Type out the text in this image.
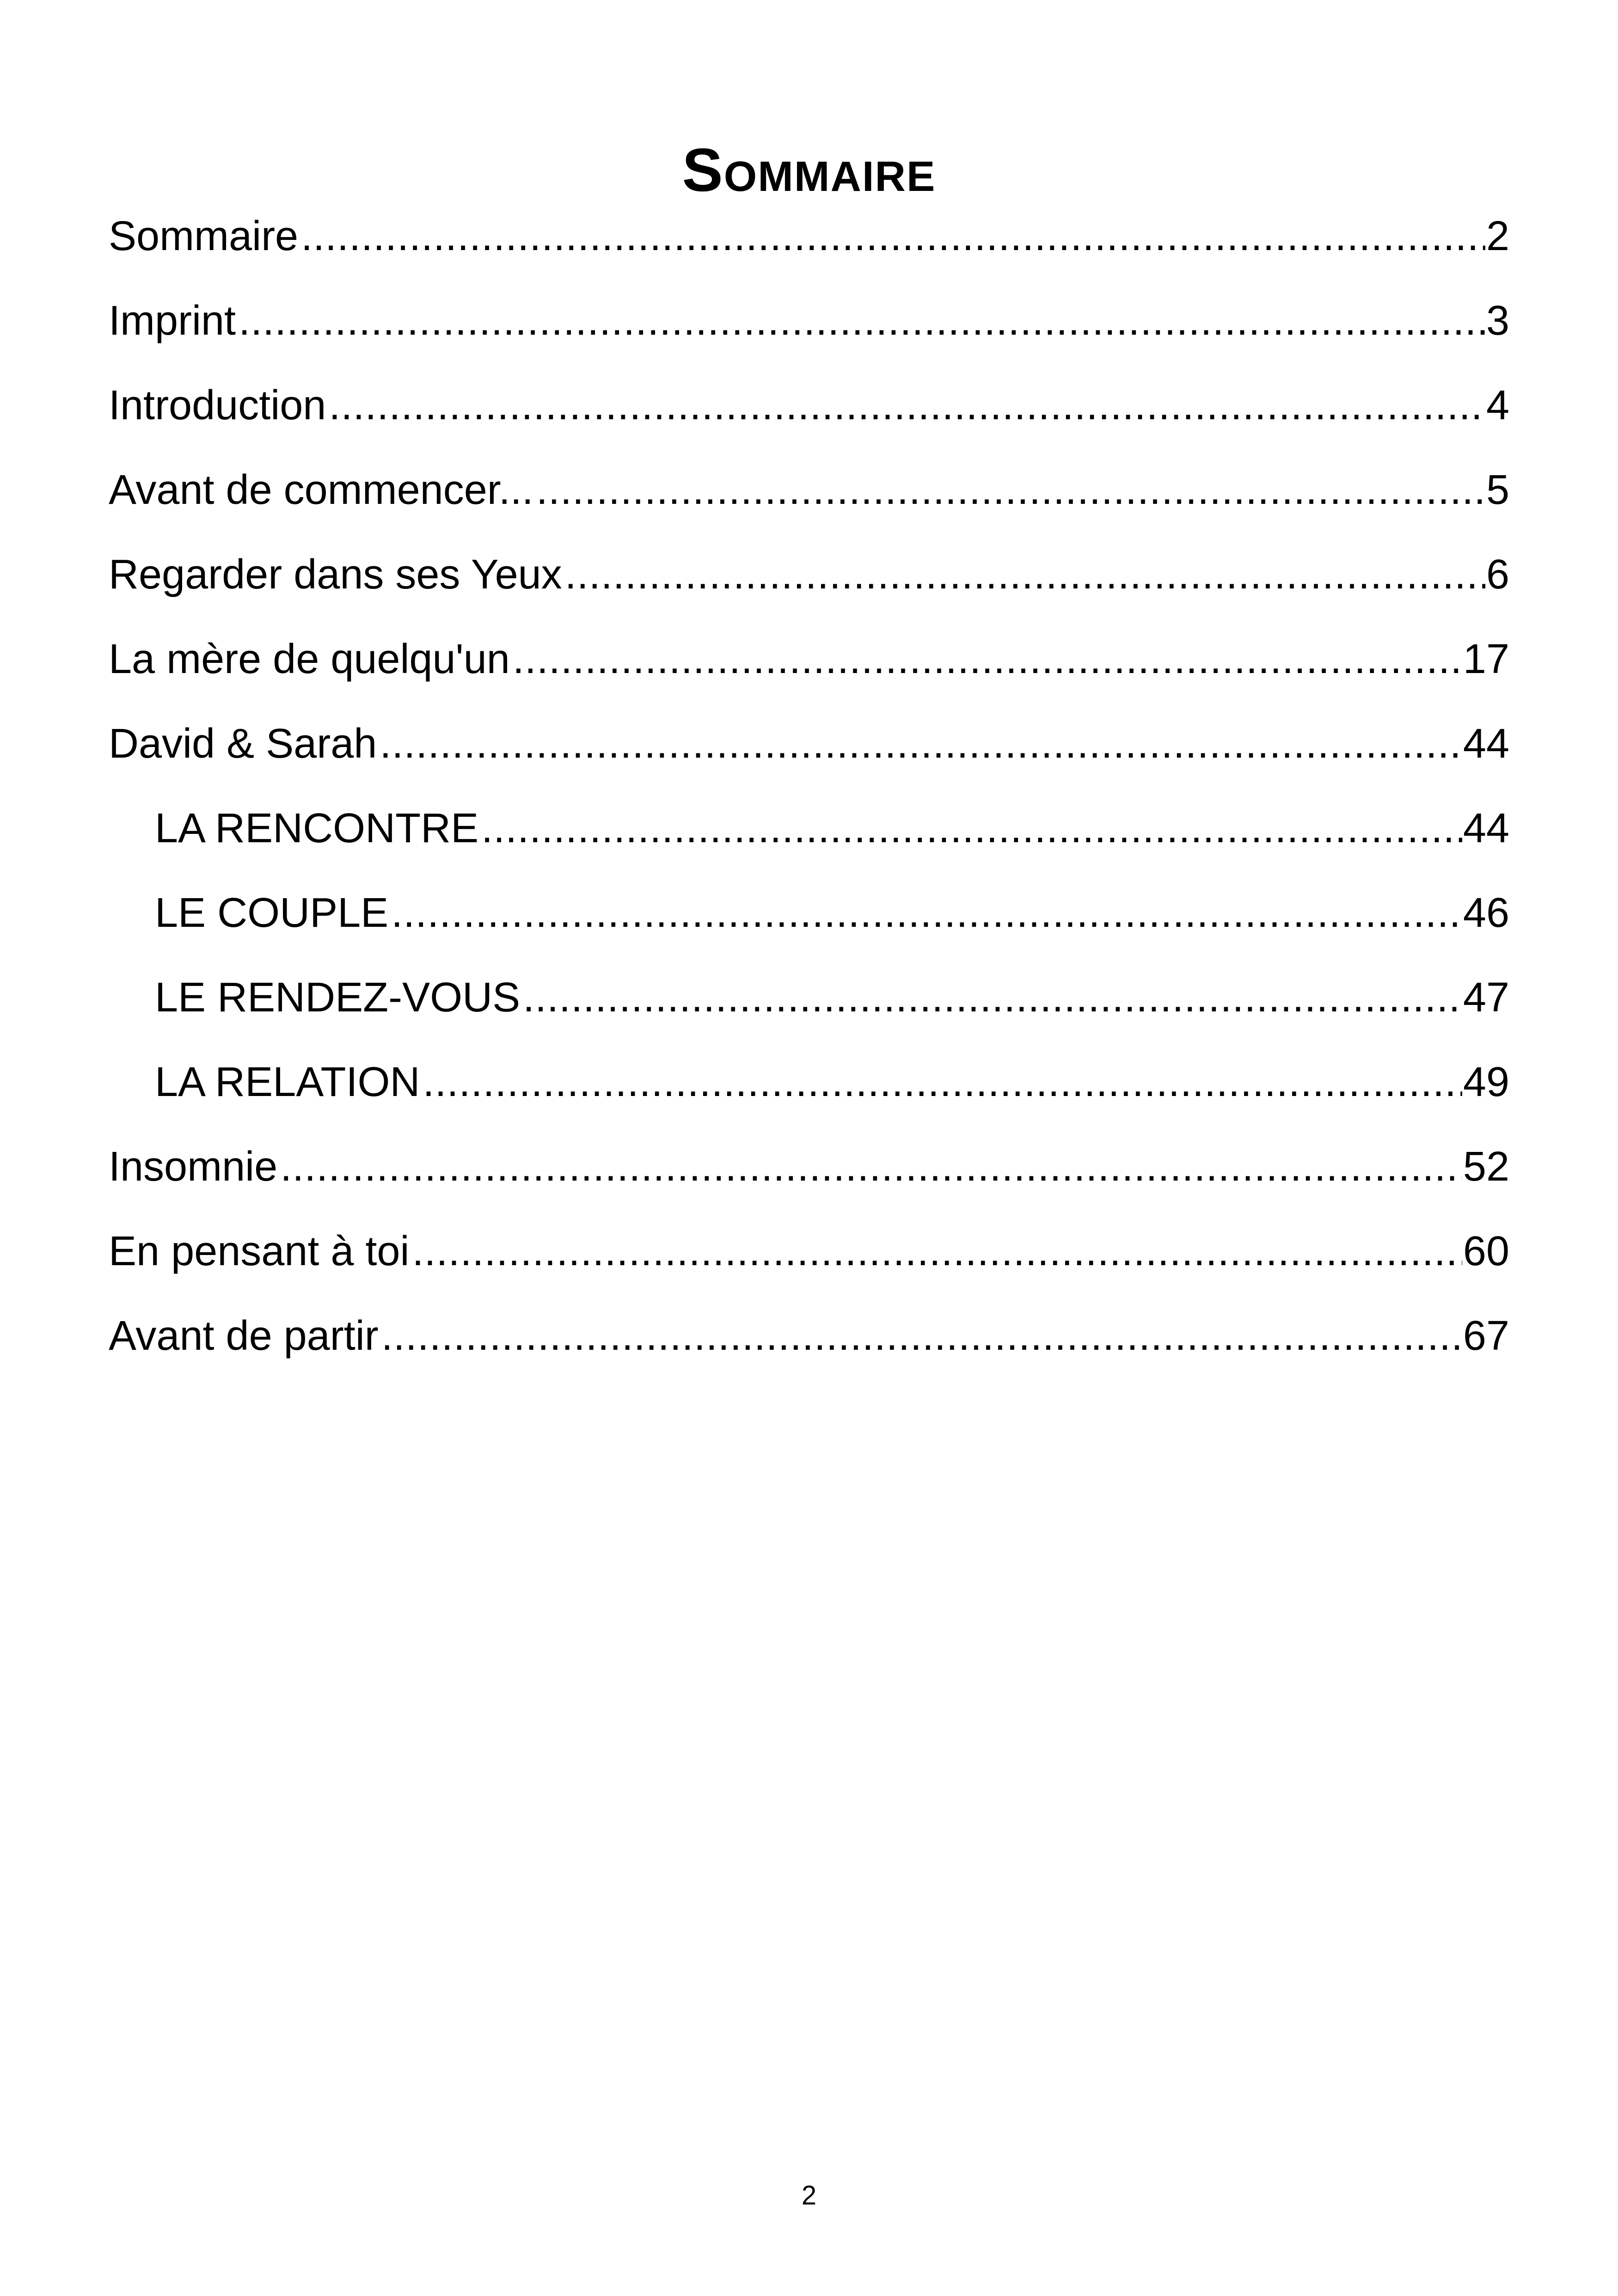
Sommaire
Sommaire .....	2
Imprint .....	3
Introduction .....	4
Avant de commencer... .....	5
Regarder dans ses Yeux .....	6
La mère de quelqu'un .....	17
David & Sarah .....	44
LA RENCONTRE .....	44
LE COUPLE .....	46
LE RENDEZ-VOUS .....	47
LA RELATION .....	49
Insomnie .....	52
En pensant à toi .....	60
Avant de partir .....	67
2
